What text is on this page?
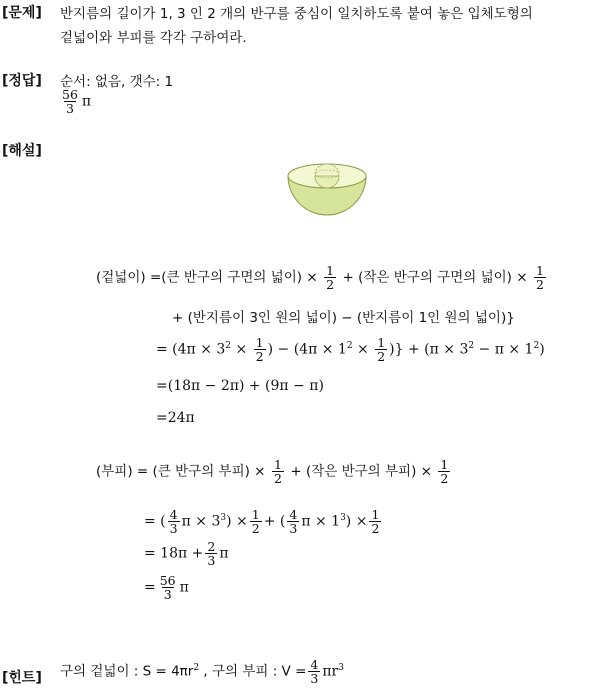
[문제] 반지름의 길이가 1, 3 인 2 개의 반구를 중심이 일치하도록 붙여 놓은 입체도형의
겉넓이와 부피를 각각 구하여라.
[정답] 순서: 없음, 갯수: 1
$\frac{56}{3}$ π
[해설]
(겉넓이) =(큰 반구의 구면의 넓이) × $\frac{1}{2}$ + (작은 반구의 구면의 넓이) × $\frac{1}{2}$
+ (반지름이 3인 원의 넓이) − (반지름이 1인 원의 넓이)}
= ($4\pi \times 3^2 \times \frac{1}{2}$ ) − ($4\pi \times 1^2 \times \frac{1}{2}$ )} + $(\pi \times 3^2 - \pi \times 1^2)$
=(18π − 2π) + (9π − π)
=24π
(부피) = (큰 반구의 부피) × $\frac{1}{2}$ + (작은 반구의 부피) × $\frac{1}{2}$
= ( $\frac{4}{3}$ $\pi \times 3^3) \times \frac{1}{2}$ + ( $\frac{4}{3}$ $\pi \times 1^3) \times \frac{1}{2}$
= $18\pi + \frac{2}{3}$ π
= $\frac{56}{3}$ π
[힌트] 구의 겉넓이 : $S = 4\pi r^2$ , 구의 부피 : $V = \frac{4}{3} \pi r^3$
